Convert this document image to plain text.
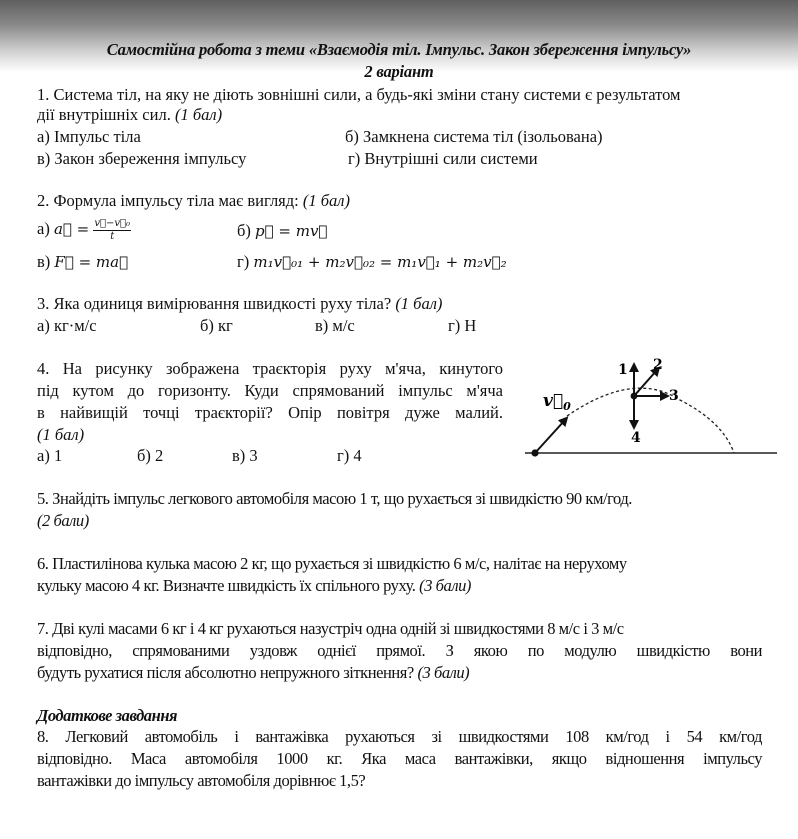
Самостійна робота з теми «Взаємодія тіл. Імпульс. Закон збереження імпульсу»
2 варіант
1. Система тіл, на яку не діють зовнішні сили, а будь-які зміни стану системи є результатом
дії внутрішніх сил. (1 бал)
а) Імпульс тіла	б) Замкнена система тіл (ізольована)
в) Закон збереження імпульсу	г) Внутрішні сили системи
2. Формула імпульсу тіла має вигляд: (1 бал)
а) a⃗ = $\frac{\text{v⃗−v⃗₀}}{t}$	б) p⃗ = mv⃗
в) F⃗ = ma⃗	г) m₁v⃗₀₁ + m₂v⃗₀₂ = m₁v⃗₁ + m₂v⃗₂
3. Яка одиниця вимірювання швидкості руху тіла? (1 бал)
а) кг·м/с	б) кг	в) м/с	г) Н
4. На рисунку зображена траєкторія руху м'яча, кинутого
під кутом до горизонту. Куди спрямований імпульс м'яча
в найвищій точці траєкторії? Опір повітря дуже малий.
(1 бал)
а) 1	б) 2	в) 3	г) 4
$v⃗_0$
1 2
3
4
5. Знайдіть імпульс легкового автомобіля масою 1 т, що рухається зі швидкістю 90 км/год.
(2 бали)
6. Пластилінова кулька масою 2 кг, що рухається зі швидкістю 6 м/с, налітає на нерухому
кульку масою 4 кг. Визначте швидкість їх спільного руху. (3 бали)
7. Дві кулі масами 6 кг і 4 кг рухаються назустріч одна одній зі швидкостями 8 м/с і 3 м/с
відповідно, спрямованими уздовж однієї прямої. З якою по модулю швидкістю вони
будуть рухатися після абсолютно непружного зіткнення? (3 бали)
Додаткове завдання
8. Легковий автомобіль і вантажівка рухаються зі швидкостями 108 км/год і 54 км/год
відповідно. Маса автомобіля 1000 кг. Яка маса вантажівки, якщо відношення імпульсу
вантажівки до імпульсу автомобіля дорівнює 1,5?
